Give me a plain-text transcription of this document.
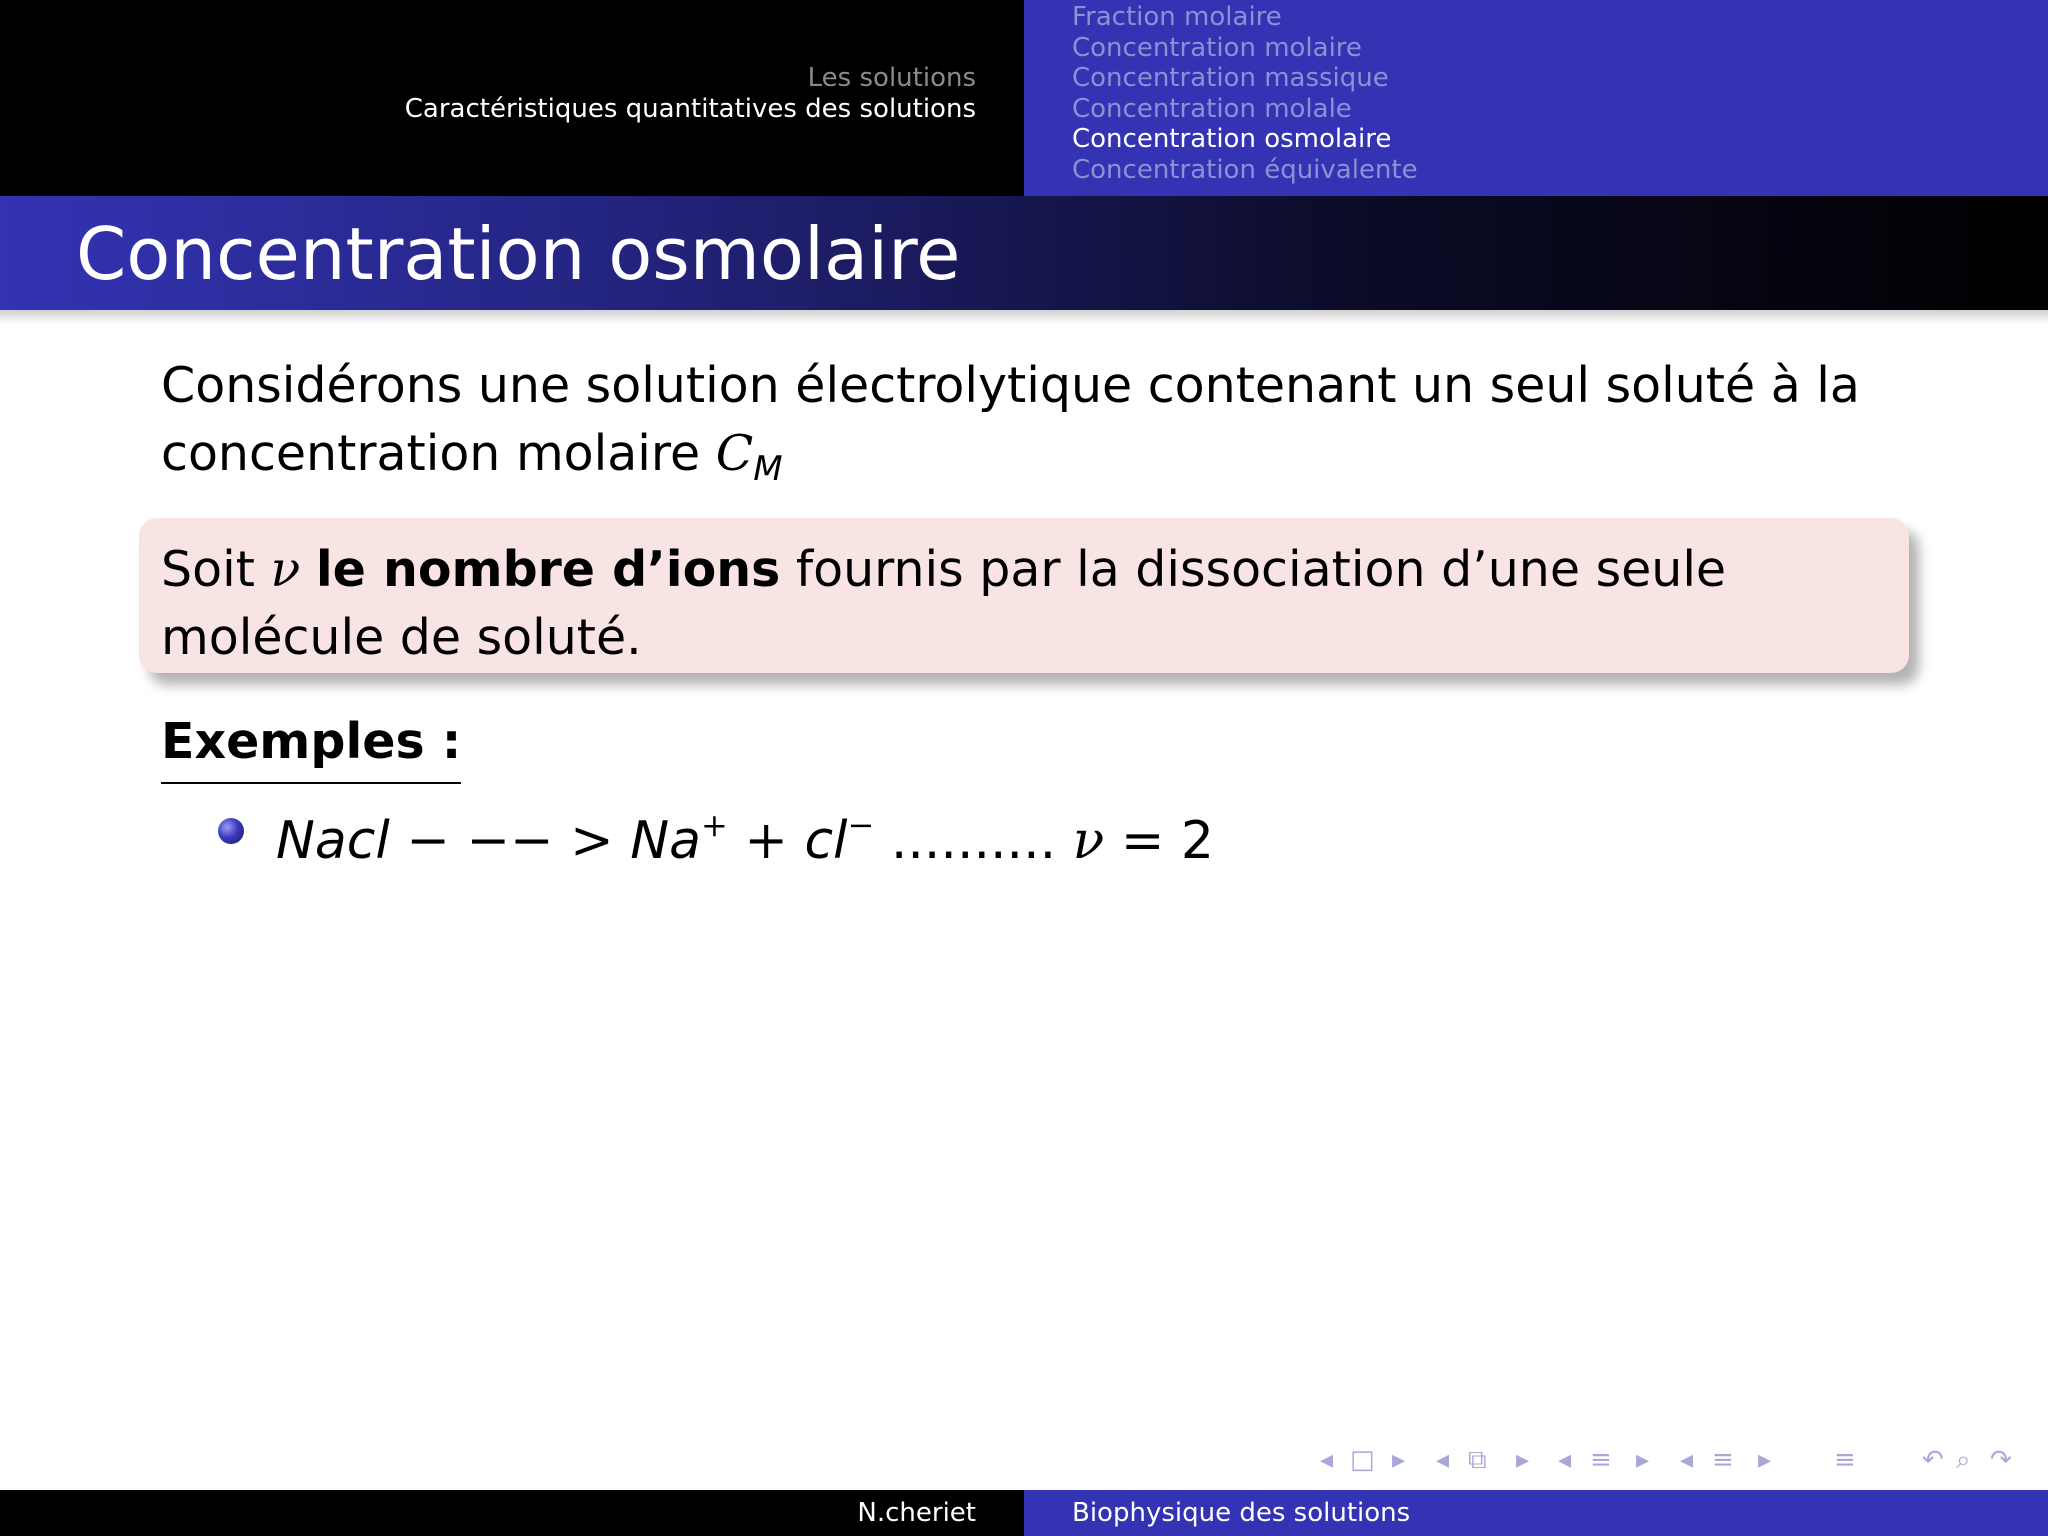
Les solutions
Caractéristiques quantitatives des solutions
Fraction molaire
Concentration molaire
Concentration massique
Concentration molale
Concentration osmolaire
Concentration équivalente
Concentration osmolaire

Considérons une solution électrolytique contenant un seul soluté à la concentration molaire $C_M$

Soit ν le nombre d’ions fournis par la dissociation d’une seule molécule de soluté.

Exemples :
Nacl − −− > Na+ + cl− .......... ν = 2
◂ □ ▸ ◂ ⧉ ▸ ◂ ≡ ▸ ◂ ≡ ▸ ≡	↶ ⌕ ↷
N.cheriet	Biophysique des solutions
